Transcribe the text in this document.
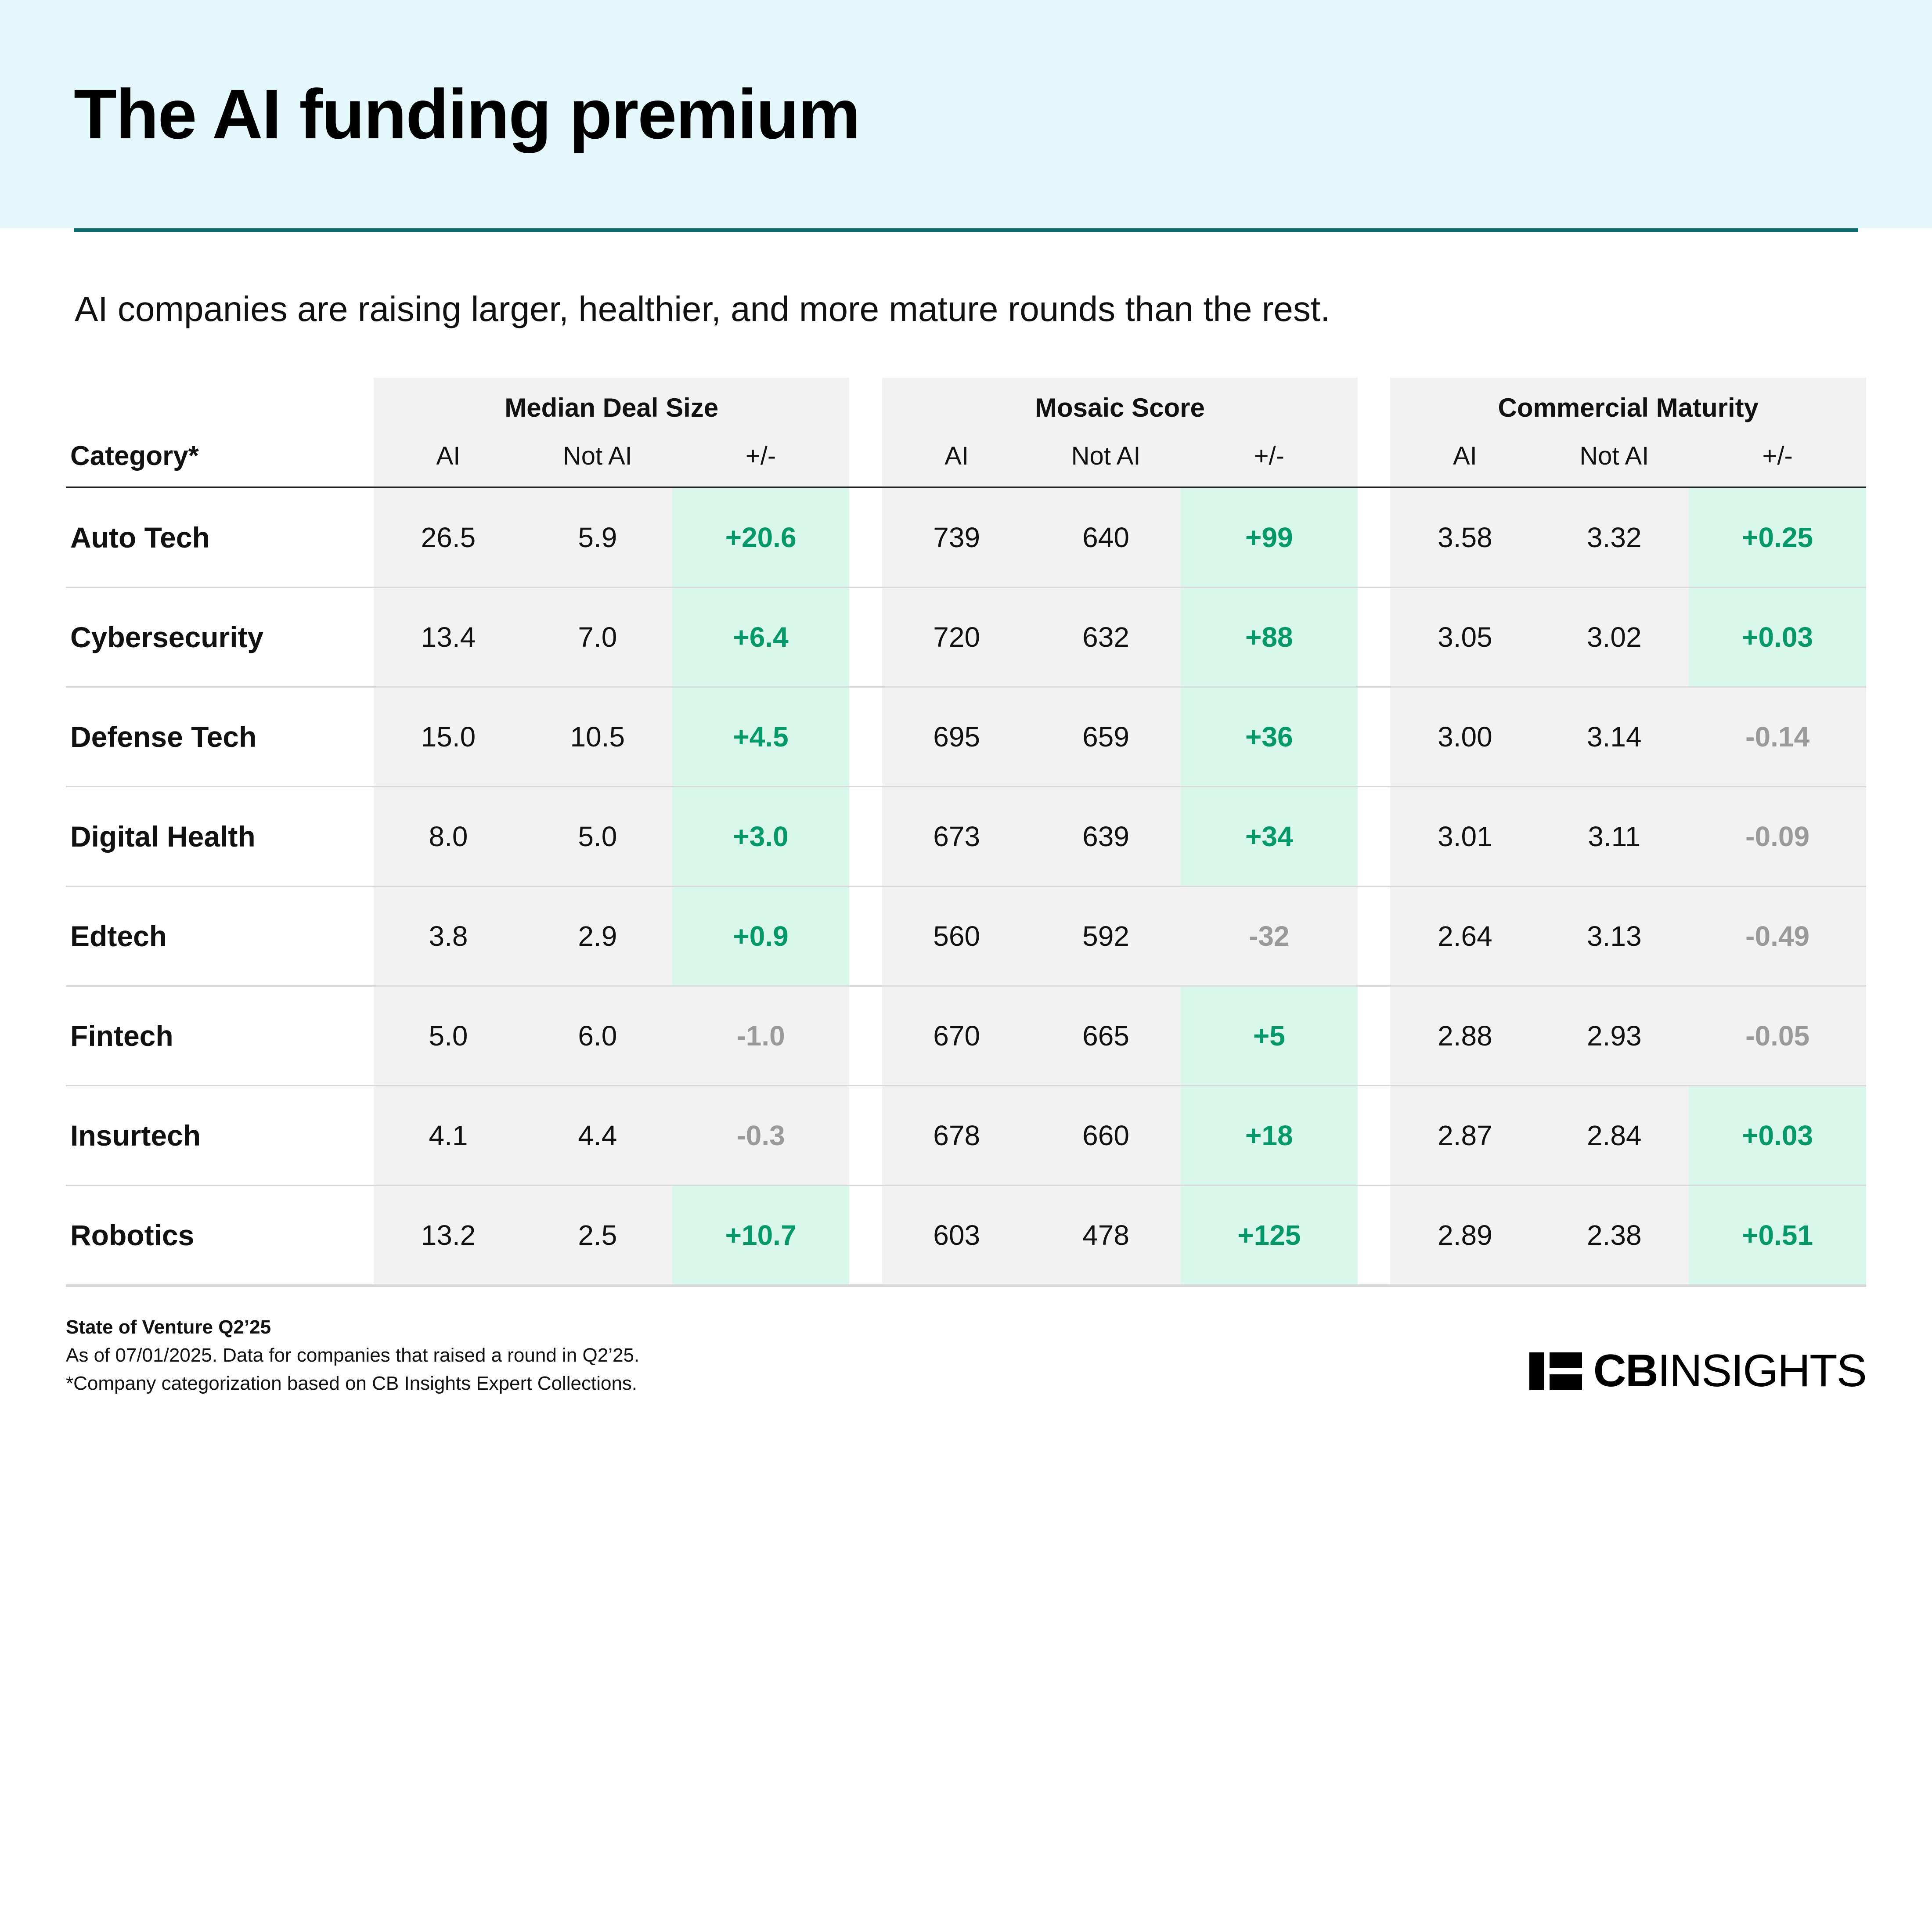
The AI funding premium
AI companies are raising larger, healthier, and more mature rounds than the rest.
	Median Deal Size				Mosaic Score				Commercial Maturity		
Category*	AI	Not AI	+/-		AI	Not AI	+/-		AI	Not AI	+/-
Auto Tech	26.5	5.9	+20.6		739	640	+99		3.58	3.32	+0.25
Cybersecurity	13.4	7.0	+6.4		720	632	+88		3.05	3.02	+0.03
Defense Tech	15.0	10.5	+4.5		695	659	+36		3.00	3.14	-0.14
Digital Health	8.0	5.0	+3.0		673	639	+34		3.01	3.11	-0.09
Edtech	3.8	2.9	+0.9		560	592	-32		2.64	3.13	-0.49
Fintech	5.0	6.0	-1.0		670	665	+5		2.88	2.93	-0.05
Insurtech	4.1	4.4	-0.3		678	660	+18		2.87	2.84	+0.03
Robotics	13.2	2.5	+10.7		603	478	+125		2.89	2.38	+0.51
State of Venture Q2’25
As of 07/01/2025. Data for companies that raised a round in Q2’25.
*Company categorization based on CB Insights Expert Collections.	CBINSIGHTS
